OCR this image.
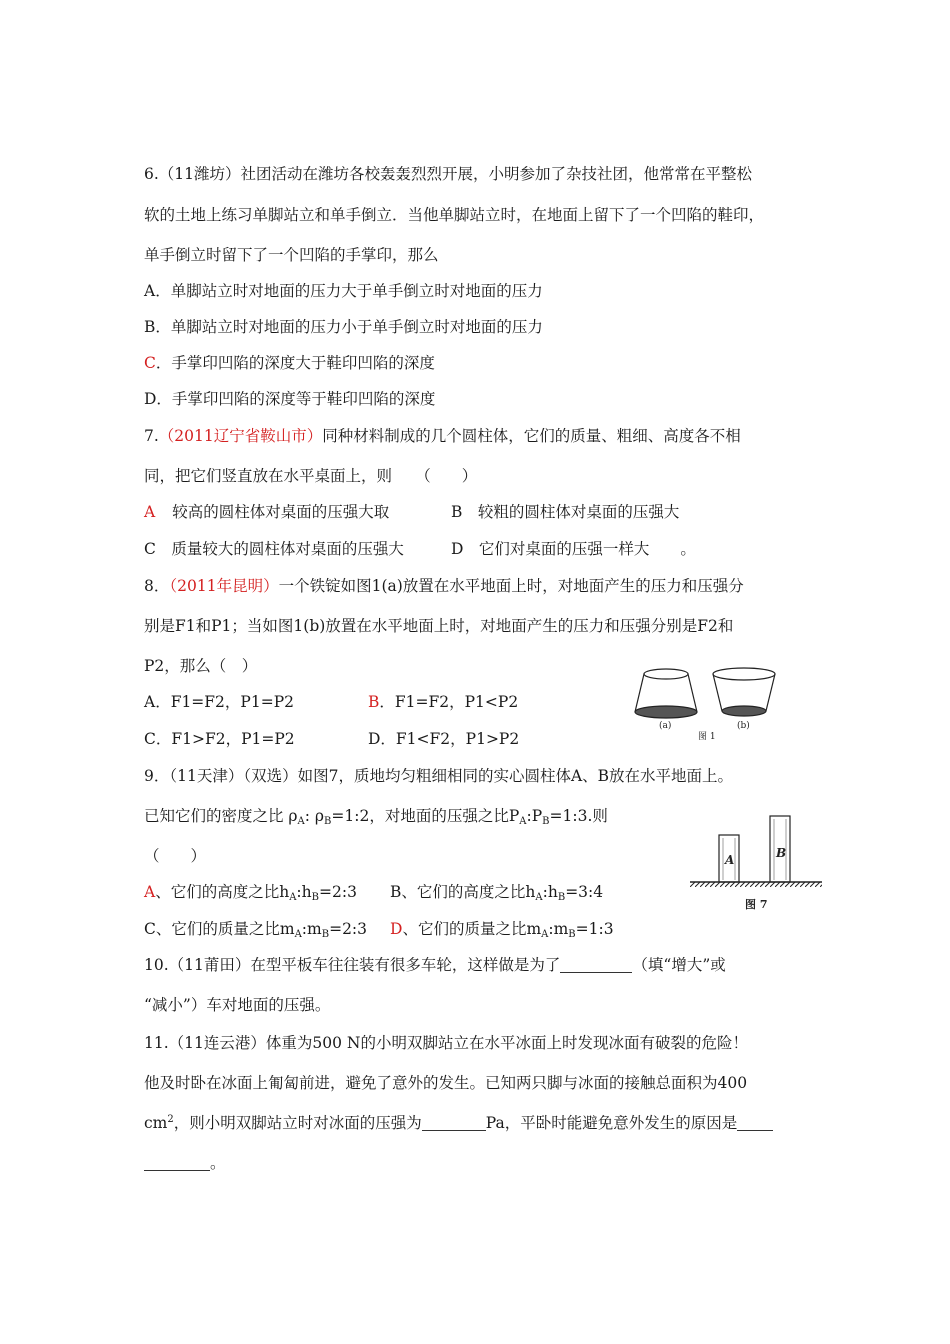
6.（11潍坊）社团活动在潍坊各校轰轰烈烈开展，小明参加了杂技社团，他常常在平整松
软的土地上练习单脚站立和单手倒立．当他单脚站立时，在地面上留下了一个凹陷的鞋印，
单手倒立时留下了一个凹陷的手掌印，那么
A．单脚站立时对地面的压力大于单手倒立时对地面的压力
B．单脚站立时对地面的压力小于单手倒立时对地面的压力
C．手掌印凹陷的深度大于鞋印凹陷的深度
D．手掌印凹陷的深度等于鞋印凹陷的深度
7.（2011辽宁省鞍山市）同种材料制成的几个圆柱体，它们的质量、粗细、高度各不相
同，把它们竖直放在水平桌面上，则　　（　　）
A 较高的圆柱体对桌面的压强大取	B　较粗的圆柱体对桌面的压强大
C　质量较大的圆柱体对桌面的压强大	D　它们对桌面的压强一样大　　。
8．（2011年昆明）一个铁锭如图1(a)放置在水平地面上时，对地面产生的压力和压强分
别是F1和P1；当如图1(b)放置在水平地面上时，对地面产生的压力和压强分别是F2和
P2，那么（　）
A．F1=F2，P1=P2	B．F1=F2，P1<P2
C．F1>F2，P1=P2	D．F1<F2，P1>P2
(a)	(b)
图 1
9．（11天津）（双选）如图7，质地均匀粗细相同的实心圆柱体A、B放在水平地面上。
已知它们的密度之比 $\rho_A$: $\rho_B=1:2$，对地面的压强之比$P_A:P_B=1:3$.则
（　　）
A、它们的高度之比$h_A:h_B=2:3$ B、它们的高度之比$h_A:h_B=3:4$
C、它们的质量之比$m_A:m_B=2:3$ D、它们的质量之比$m_A:m_B=1:3$
A	B
图 7
10.（11莆田）在型平板车往往装有很多车轮，这样做是为了	（填“增大”或
“减小”）车对地面的压强。
11.（11连云港）体重为500 N的小明双脚站立在水平冰面上时发现冰面有破裂的危险！
他及时卧在冰面上匍匐前进，避免了意外的发生。已知两只脚与冰面的接触总面积为400
$cm^2$，则小明双脚站立时对冰面的压强为	Pa，平卧时能避免意外发生的原因是
。
